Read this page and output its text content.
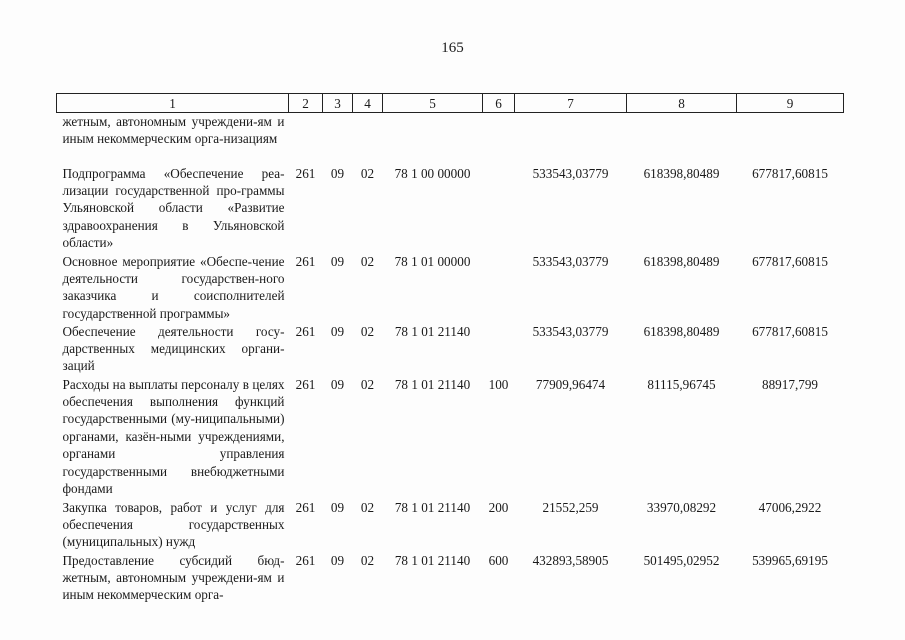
165
1	2	3	4	5	6	7	8	9
жетным, автономным учреждени-ям и иным некоммерческим орга-низациям								
Подпрограмма «Обеспечение реа-лизации государственной про-граммы Ульяновской области «Развитие здравоохранения в Ульяновской области»	261	09	02	78 1 00 00000		533543,03779	618398,80489	677817,60815
Основное мероприятие «Обеспе-чение деятельности государствен-ного заказчика и соисполнителей государственной программы»	261	09	02	78 1 01 00000		533543,03779	618398,80489	677817,60815
Обеспечение деятельности госу-дарственных медицинских органи-заций	261	09	02	78 1 01 21140		533543,03779	618398,80489	677817,60815
Расходы на выплаты персоналу в целях обеспечения выполнения функций государственными (му-ниципальными) органами, казён-ными учреждениями, органами управления государственными внебюджетными фондами	261	09	02	78 1 01 21140	100	77909,96474	81115,96745	88917,799
Закупка товаров, работ и услуг для обеспечения государственных (муниципальных) нужд	261	09	02	78 1 01 21140	200	21552,259	33970,08292	47006,2922
Предоставление субсидий бюд-жетным, автономным учреждени-ям и иным некоммерческим орга-	261	09	02	78 1 01 21140	600	432893,58905	501495,02952	539965,69195
